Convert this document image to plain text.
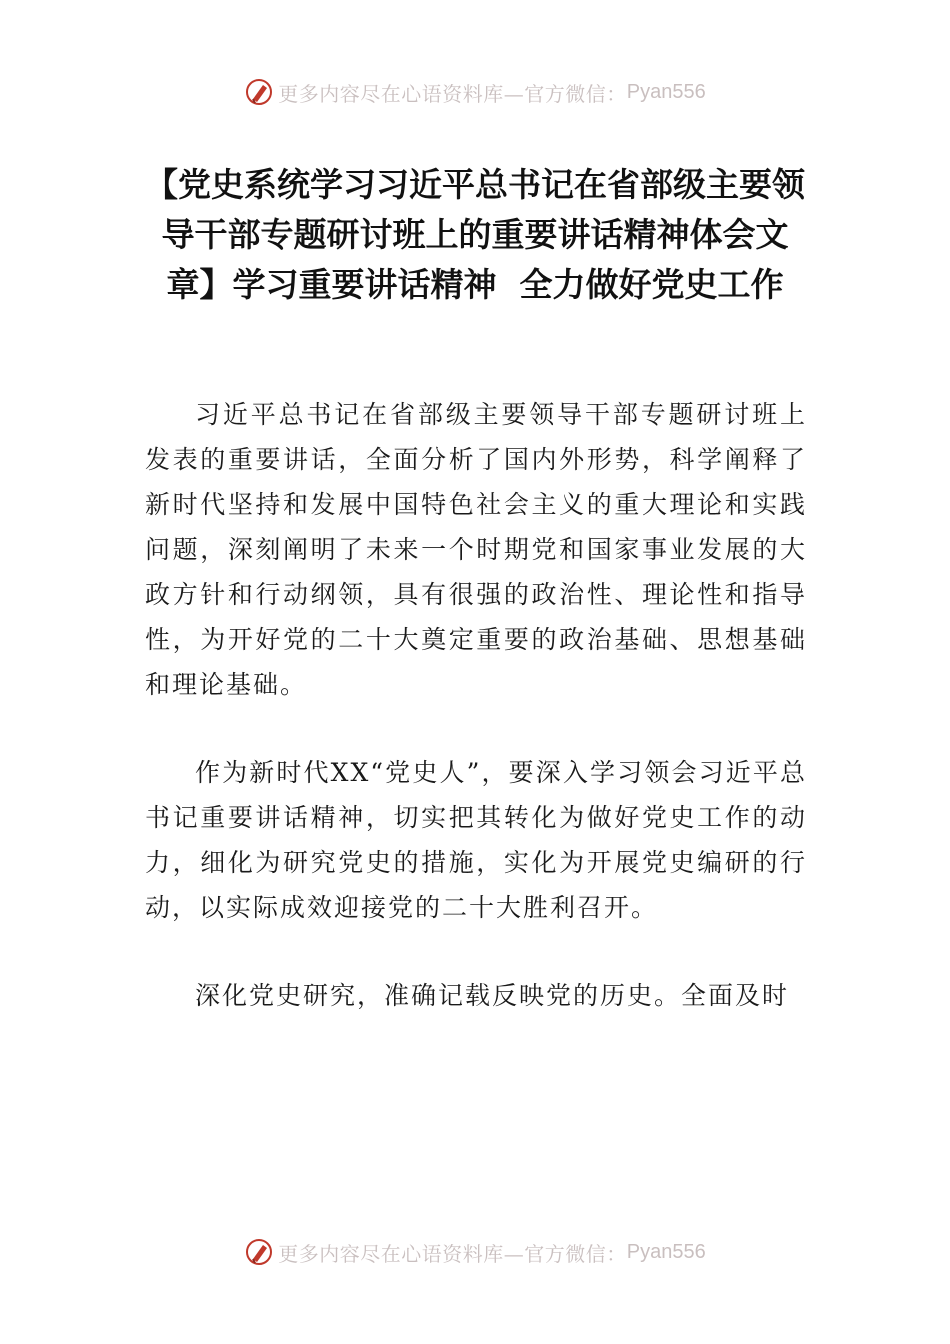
更多内容尽在心语资料库—官方微信： Pyan556
【党史系统学习习近平总书记在省部级主要领导干部专题研讨班上的重要讲话精神体会文章】学习重要讲话精神  全力做好党史工作

习近平总书记在省部级主要领导干部专题研讨班上发表的重要讲话，全面分析了国内外形势，科学阐释了新时代坚持和发展中国特色社会主义的重大理论和实践问题，深刻阐明了未来一个时期党和国家事业发展的大政方针和行动纲领，具有很强的政治性、理论性和指导性，为开好党的二十大奠定重要的政治基础、思想基础和理论基础。

作为新时代XX“党史人”，要深入学习领会习近平总书记重要讲话精神，切实把其转化为做好党史工作的动力，细化为研究党史的措施，实化为开展党史编研的行动，以实际成效迎接党的二十大胜利召开。

深化党史研究，准确记载反映党的历史。全面及时

更多内容尽在心语资料库—官方微信： Pyan556
